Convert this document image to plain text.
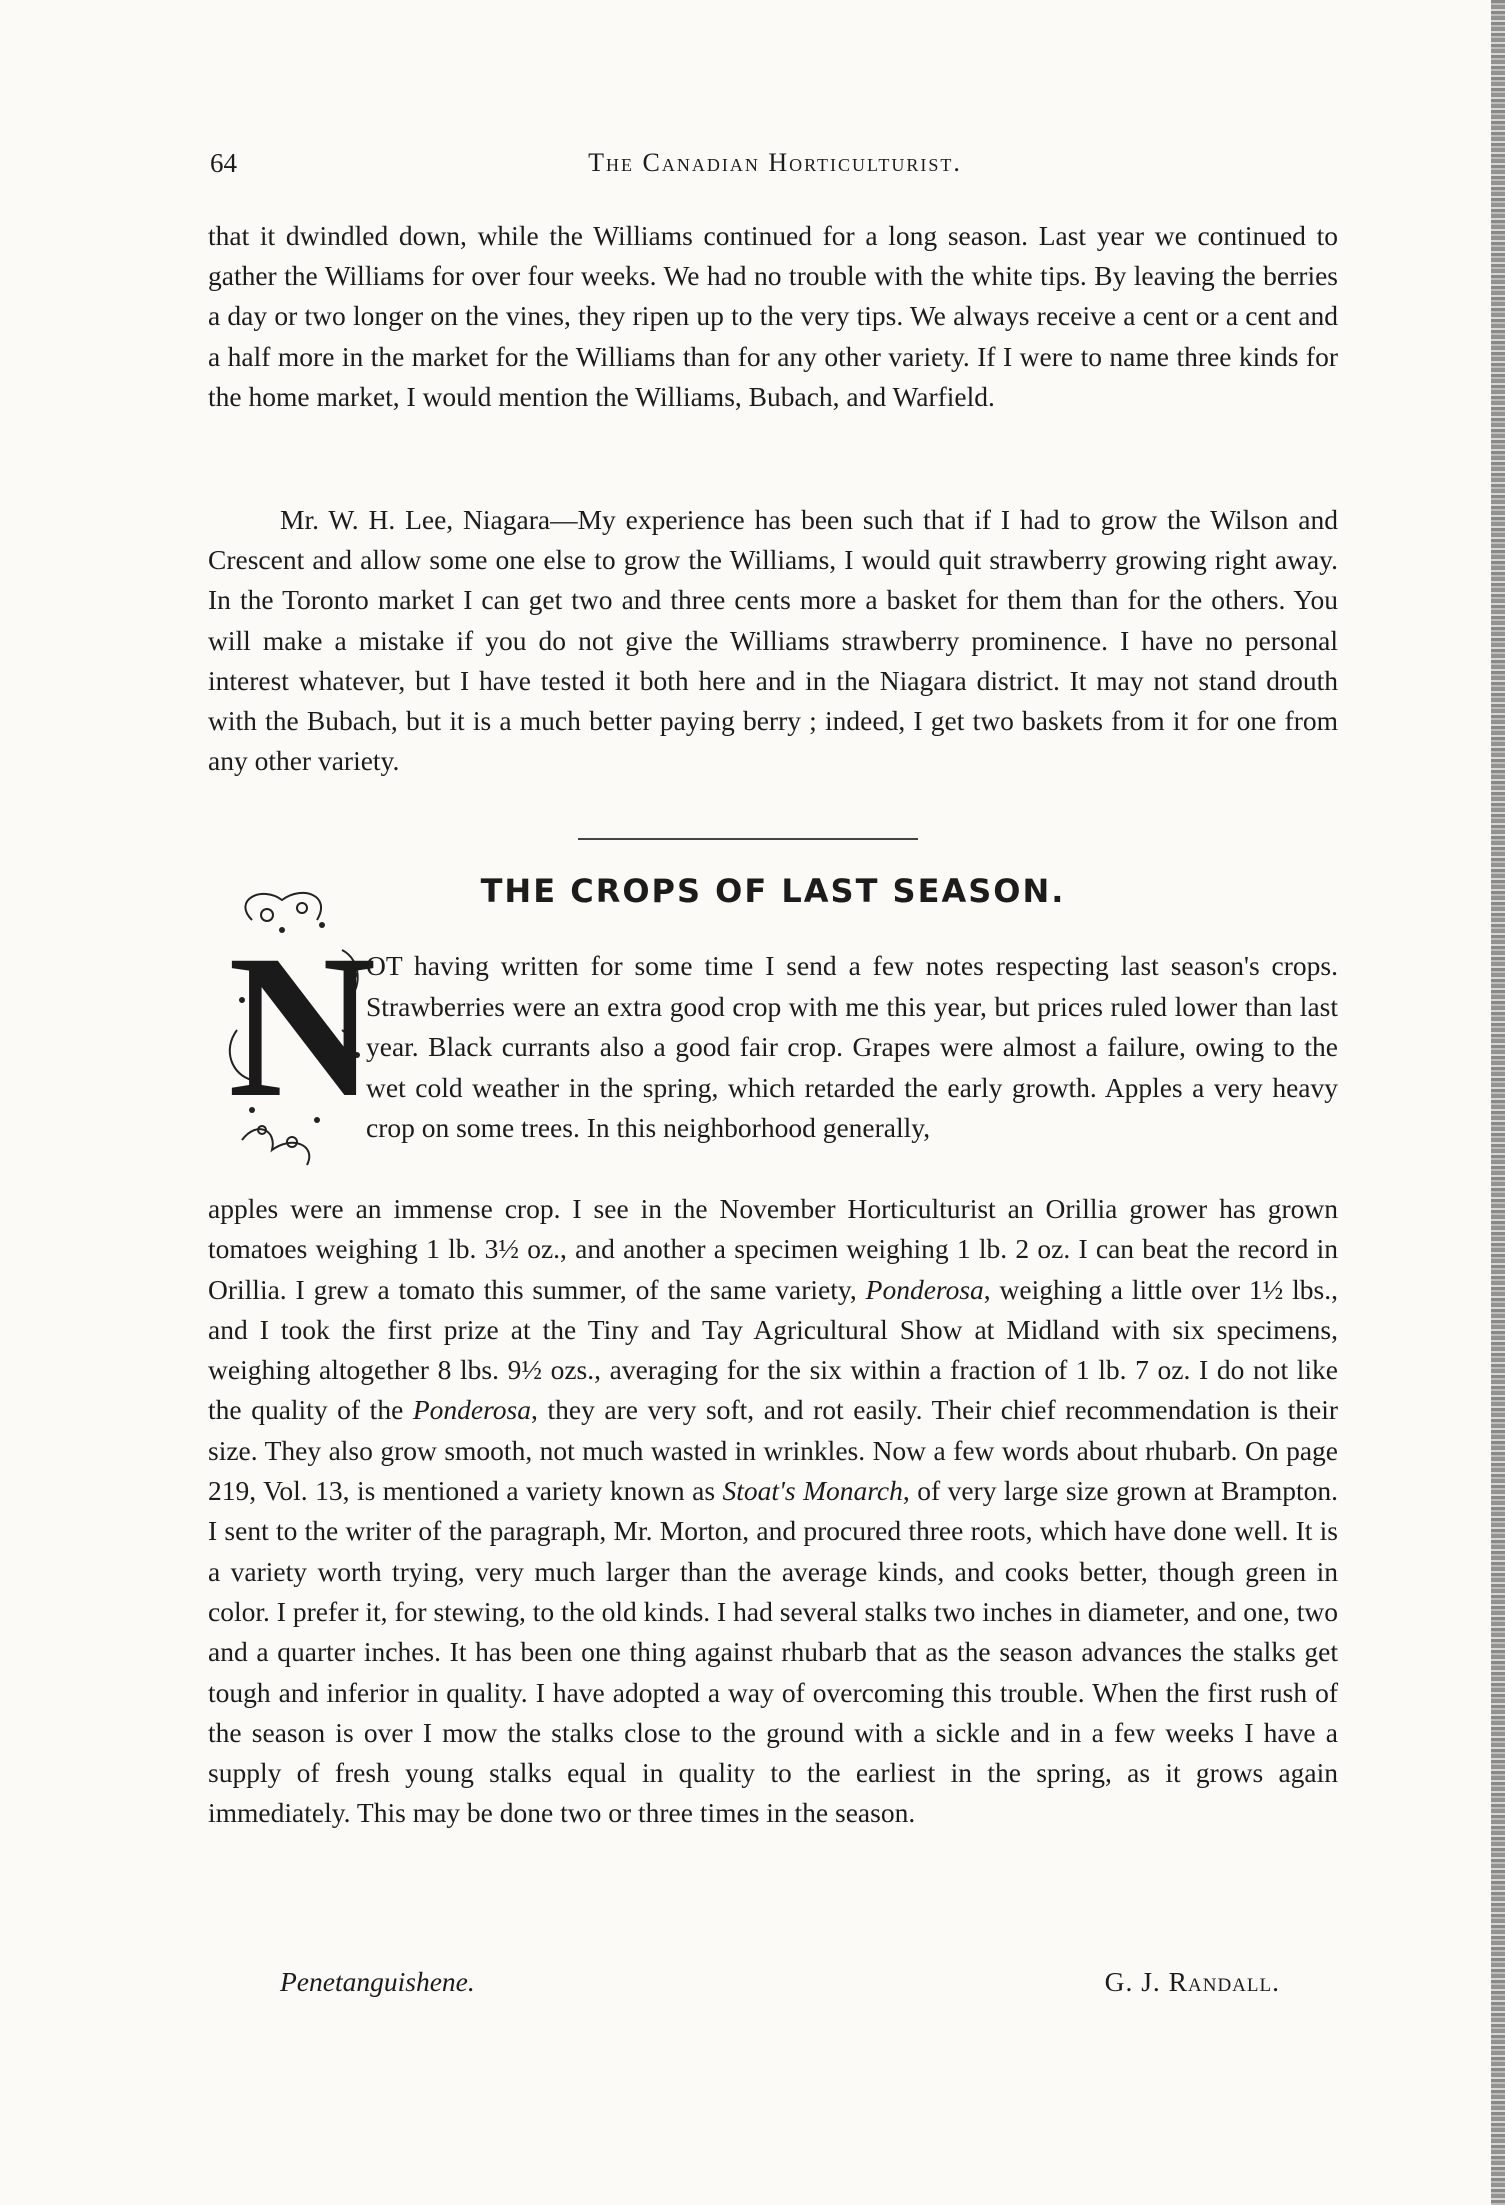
64	The Canadian Horticulturist.

that it dwindled down, while the Williams continued for a long season. Last year we continued to gather the Williams for over four weeks. We had no trouble with the white tips. By leaving the berries a day or two longer on the vines, they ripen up to the very tips. We always receive a cent or a cent and a half more in the market for the Williams than for any other variety. If I were to name three kinds for the home market, I would mention the Williams, Bubach, and Warfield.

Mr. W. H. Lee, Niagara—My experience has been such that if I had to grow the Wilson and Crescent and allow some one else to grow the Williams, I would quit strawberry growing right away. In the Toronto market I can get two and three cents more a basket for them than for the others. You will make a mistake if you do not give the Williams strawberry prominence. I have no personal interest whatever, but I have tested it both here and in the Niagara district. It may not stand drouth with the Bubach, but it is a much better paying berry ; indeed, I get two baskets from it for one from any other variety.

THE CROPS OF LAST SEASON.
N

OT having written for some time I send a few notes respecting last season's crops. Strawberries were an extra good crop with me this year, but prices ruled lower than last year. Black currants also a good fair crop. Grapes were almost a failure, owing to the wet cold weather in the spring, which retarded the early growth. Apples a very heavy crop on some trees. In this neighborhood generally,

apples were an immense crop. I see in the November Horticulturist an Orillia grower has grown tomatoes weighing 1 lb. 3½ oz., and another a specimen weighing 1 lb. 2 oz. I can beat the record in Orillia. I grew a tomato this summer, of the same variety, Ponderosa, weighing a little over 1½ lbs., and I took the first prize at the Tiny and Tay Agricultural Show at Midland with six specimens, weighing altogether 8 lbs. 9½ ozs., averaging for the six within a fraction of 1 lb. 7 oz. I do not like the quality of the Ponderosa, they are very soft, and rot easily. Their chief recommendation is their size. They also grow smooth, not much wasted in wrinkles. Now a few words about rhubarb. On page 219, Vol. 13, is mentioned a variety known as Stoat's Monarch, of very large size grown at Brampton. I sent to the writer of the paragraph, Mr. Morton, and procured three roots, which have done well. It is a variety worth trying, very much larger than the average kinds, and cooks better, though green in color. I prefer it, for stewing, to the old kinds. I had several stalks two inches in diameter, and one, two and a quarter inches. It has been one thing against rhubarb that as the season advances the stalks get tough and inferior in quality. I have adopted a way of overcoming this trouble. When the first rush of the season is over I mow the stalks close to the ground with a sickle and in a few weeks I have a supply of fresh young stalks equal in quality to the earliest in the spring, as it grows again immediately. This may be done two or three times in the season.

Penetanguishene.	G. J. Randall.
